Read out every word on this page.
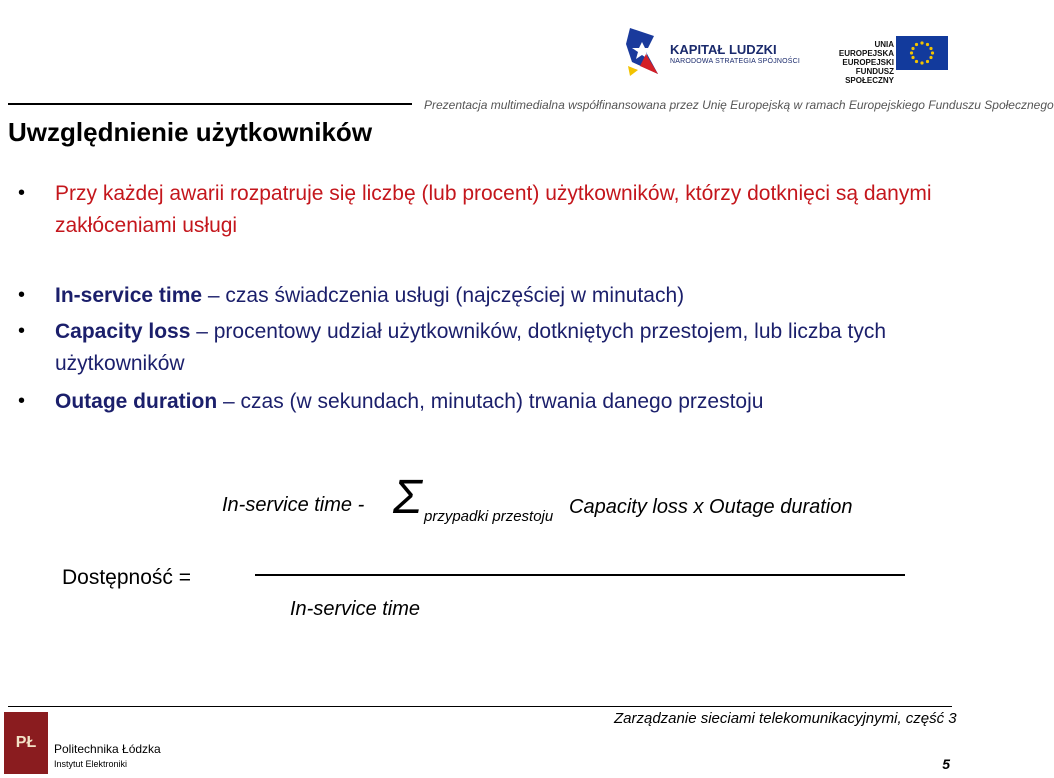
KAPITAŁ LUDZKI
NARODOWA STRATEGIA SPÓJNOŚCI
UNIA EUROPEJSKA
EUROPEJSKI
FUNDUSZ SPOŁECZNY
Prezentacja multimedialna współfinansowana przez Unię Europejską w ramach Europejskiego Funduszu Społecznego
Uwzględnienie użytkowników
• Przy każdej awarii rozpatruje się liczbę (lub procent) użytkowników, którzy dotknięci są danymi zakłóceniami usługi
• In-service time – czas świadczenia usługi (najczęściej w minutach)
• Capacity loss – procentowy udział użytkowników, dotkniętych przestojem, lub liczba tych użytkowników
• Outage duration – czas (w sekundach, minutach) trwania danego przestoju
In-service time - Σ przypadki przestoju Capacity loss x Outage duration
Dostępność =
In-service time
PŁ	Politechnika Łódzka
Instytut Elektroniki
Zarządzanie sieciami telekomunikacyjnymi, część 3
5
